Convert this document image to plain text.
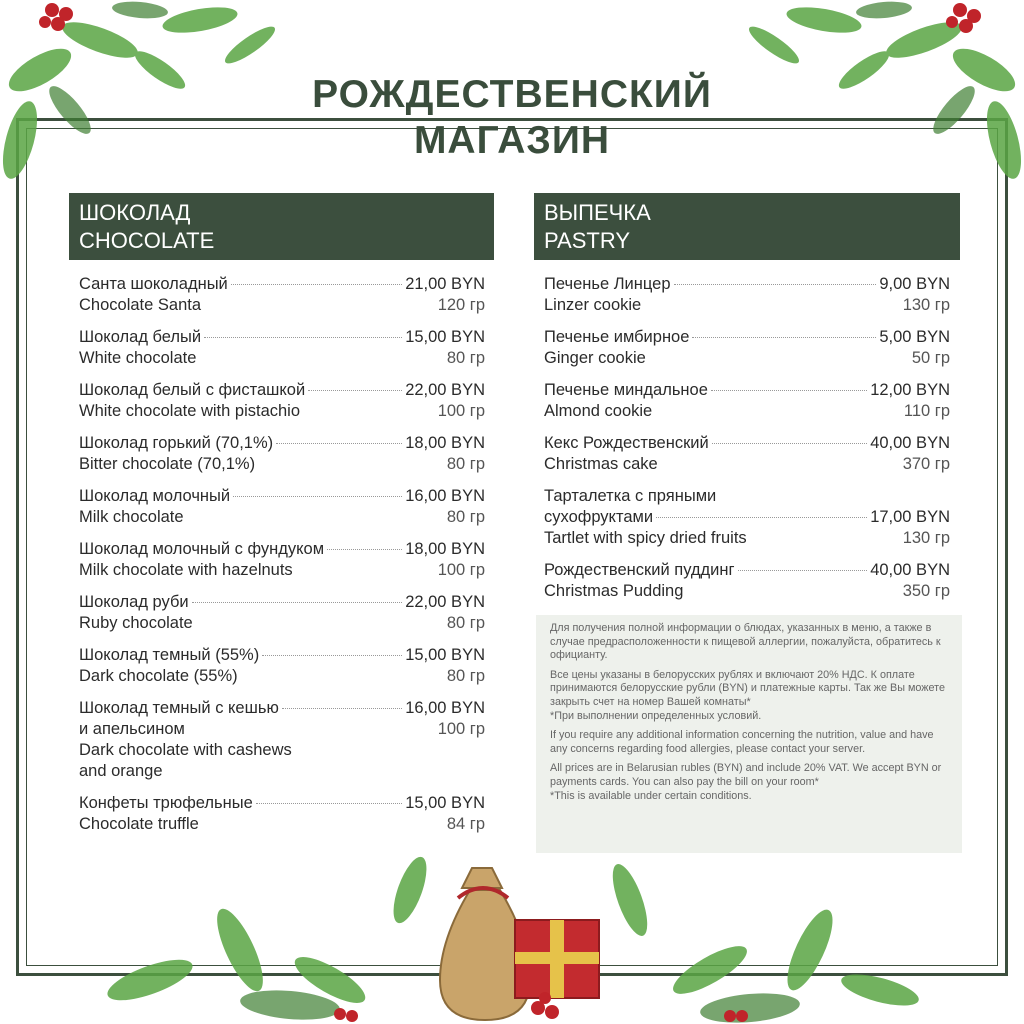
РОЖДЕСТВЕНСКИЙ
МАГАЗИН
ШОКОЛАД
CHOCOLATE
ВЫПЕЧКА
PASTRY
Санта шоколадный	21,00 BYN
Chocolate Santa	120 гр
Шоколад белый	15,00 BYN
White chocolate	80 гр
Шоколад белый с фисташкой	22,00 BYN
White chocolate with pistachio	100 гр
Шоколад горький (70,1%)	18,00 BYN
Bitter chocolate (70,1%)	80 гр
Шоколад молочный	16,00 BYN
Milk chocolate	80 гр
Шоколад молочный с фундуком	18,00 BYN
Milk chocolate with hazelnuts	100 гр
Шоколад руби	22,00 BYN
Ruby chocolate	80 гр
Шоколад темный (55%)	15,00 BYN
Dark chocolate (55%)	80 гр
Шоколад темный с кешью	16,00 BYN
и апельсином	100 гр
Dark chocolate with cashews
and orange
Конфеты трюфельные	15,00 BYN
Chocolate truffle	84 гр
Печенье Линцер	9,00 BYN
Linzer cookie	130 гр
Печенье имбирное	5,00 BYN
Ginger cookie	50 гр
Печенье миндальное	12,00 BYN
Almond cookie	110 гр
Кекс Рождественский	40,00 BYN
Christmas cake	370 гр
Тарталетка с пряными
сухофруктами	17,00 BYN
Tartlet with spicy dried fruits	130 гр
Рождественский пуддинг	40,00 BYN
Christmas Pudding	350 гр

Для получения полной информации о блюдах, указанных в меню, а также в случае предрасположенности к пищевой аллергии, пожалуйста, обратитесь к официанту.

Все цены указаны в белорусских рублях и включают 20% НДС. К оплате принимаются белорусские рубли (BYN) и платежные карты. Так же Вы можете закрыть счет на номер Вашей комнаты*

*При выполнении определенных условий.

If you require any additional information concerning the nutrition, value and have any concerns regarding food allergies, please contact your server.

All prices are in Belarusian rubles (BYN) and include 20% VAT. We accept BYN or payments cards. You can also pay the bill on your room*

*This is available under certain conditions.
